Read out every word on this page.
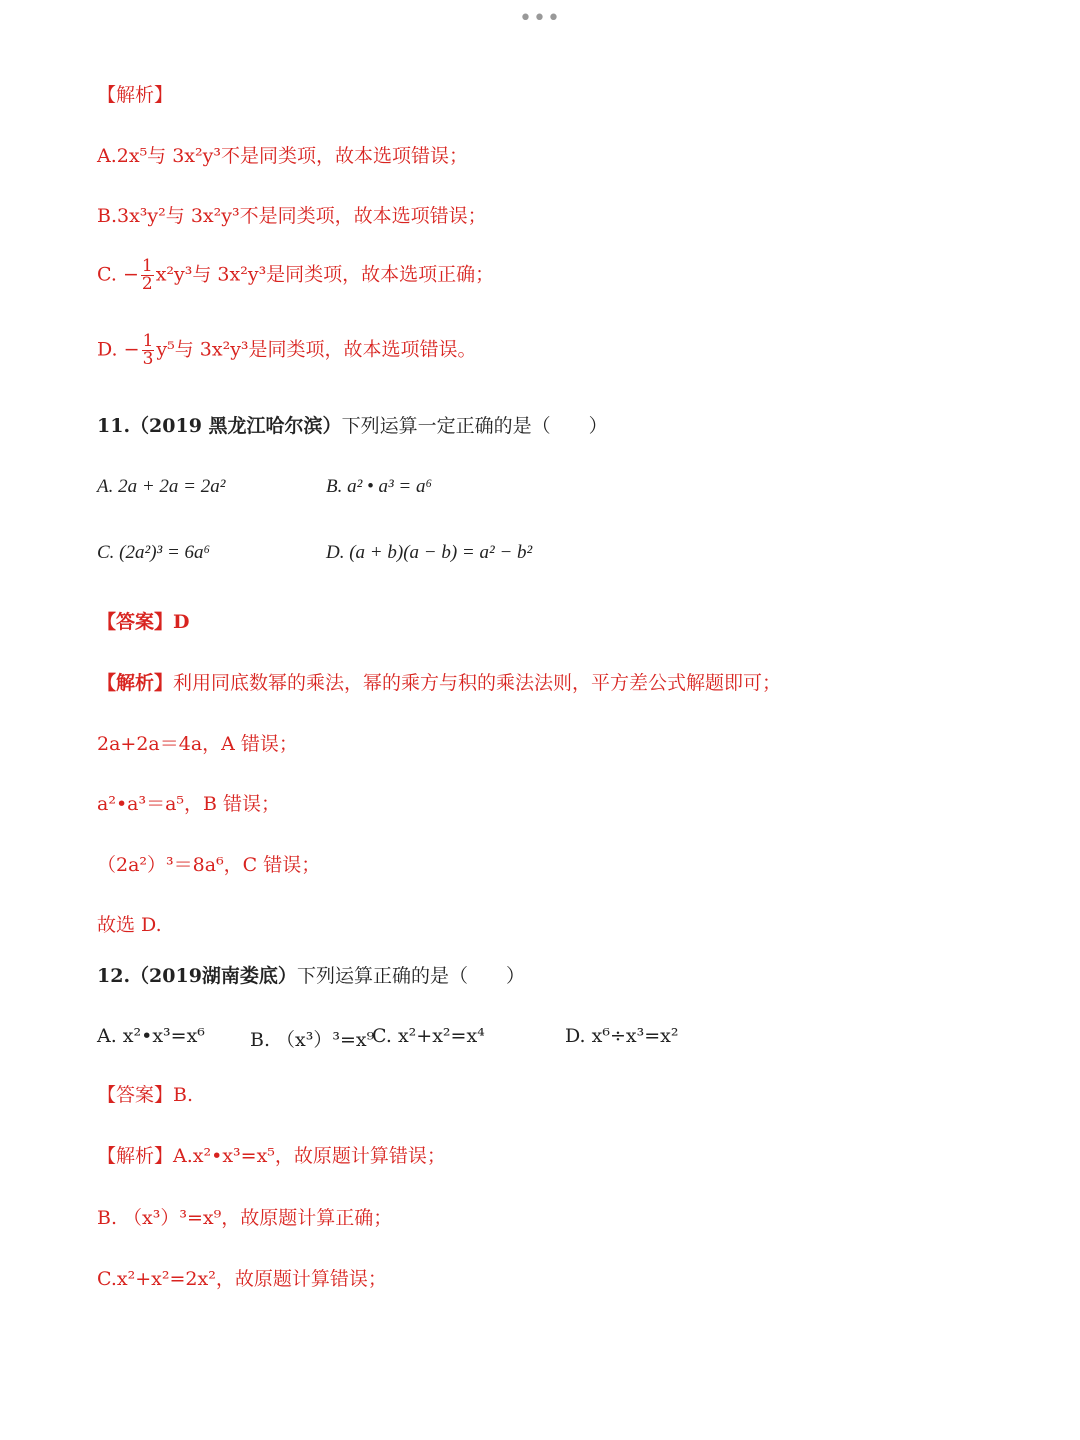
•••
【解析】
A.2x⁵与 3x²y³不是同类项，故本选项错误；
B.3x³y²与 3x²y³不是同类项，故本选项错误；
C. − $\frac{1}{2} x^2y^3$与 3x²y³是同类项，故本选项正确；
D. − $\frac{1}{3} y^5$与 3x²y³是同类项，故本选项错误。
11.（2019 黑龙江哈尔滨）下列运算一定正确的是（　　）
A. 2a + 2a = 2a²	B. a² • a³ = a⁶
C. (2a²)³ = 6a⁶	D. (a + b)(a − b) = a² − b²
【答案】D
【解析】利用同底数幂的乘法，幂的乘方与积的乘法法则，平方差公式解题即可；
2a+2a＝4a，A 错误；
a²•a³＝a⁵，B 错误；
（2a²）³＝8a⁶，C 错误；
故选 D.
12.（2019湖南娄底）下列运算正确的是（　　）
A. x²•x³=x⁶ B. （x³）³=x⁹
C. x²+x²=x⁴	D. x⁶÷x³=x²
【答案】B.
【解析】A.x²•x³=x⁵，故原题计算错误；
B. （x³）³=x⁹，故原题计算正确；
C.x²+x²=2x²，故原题计算错误；
